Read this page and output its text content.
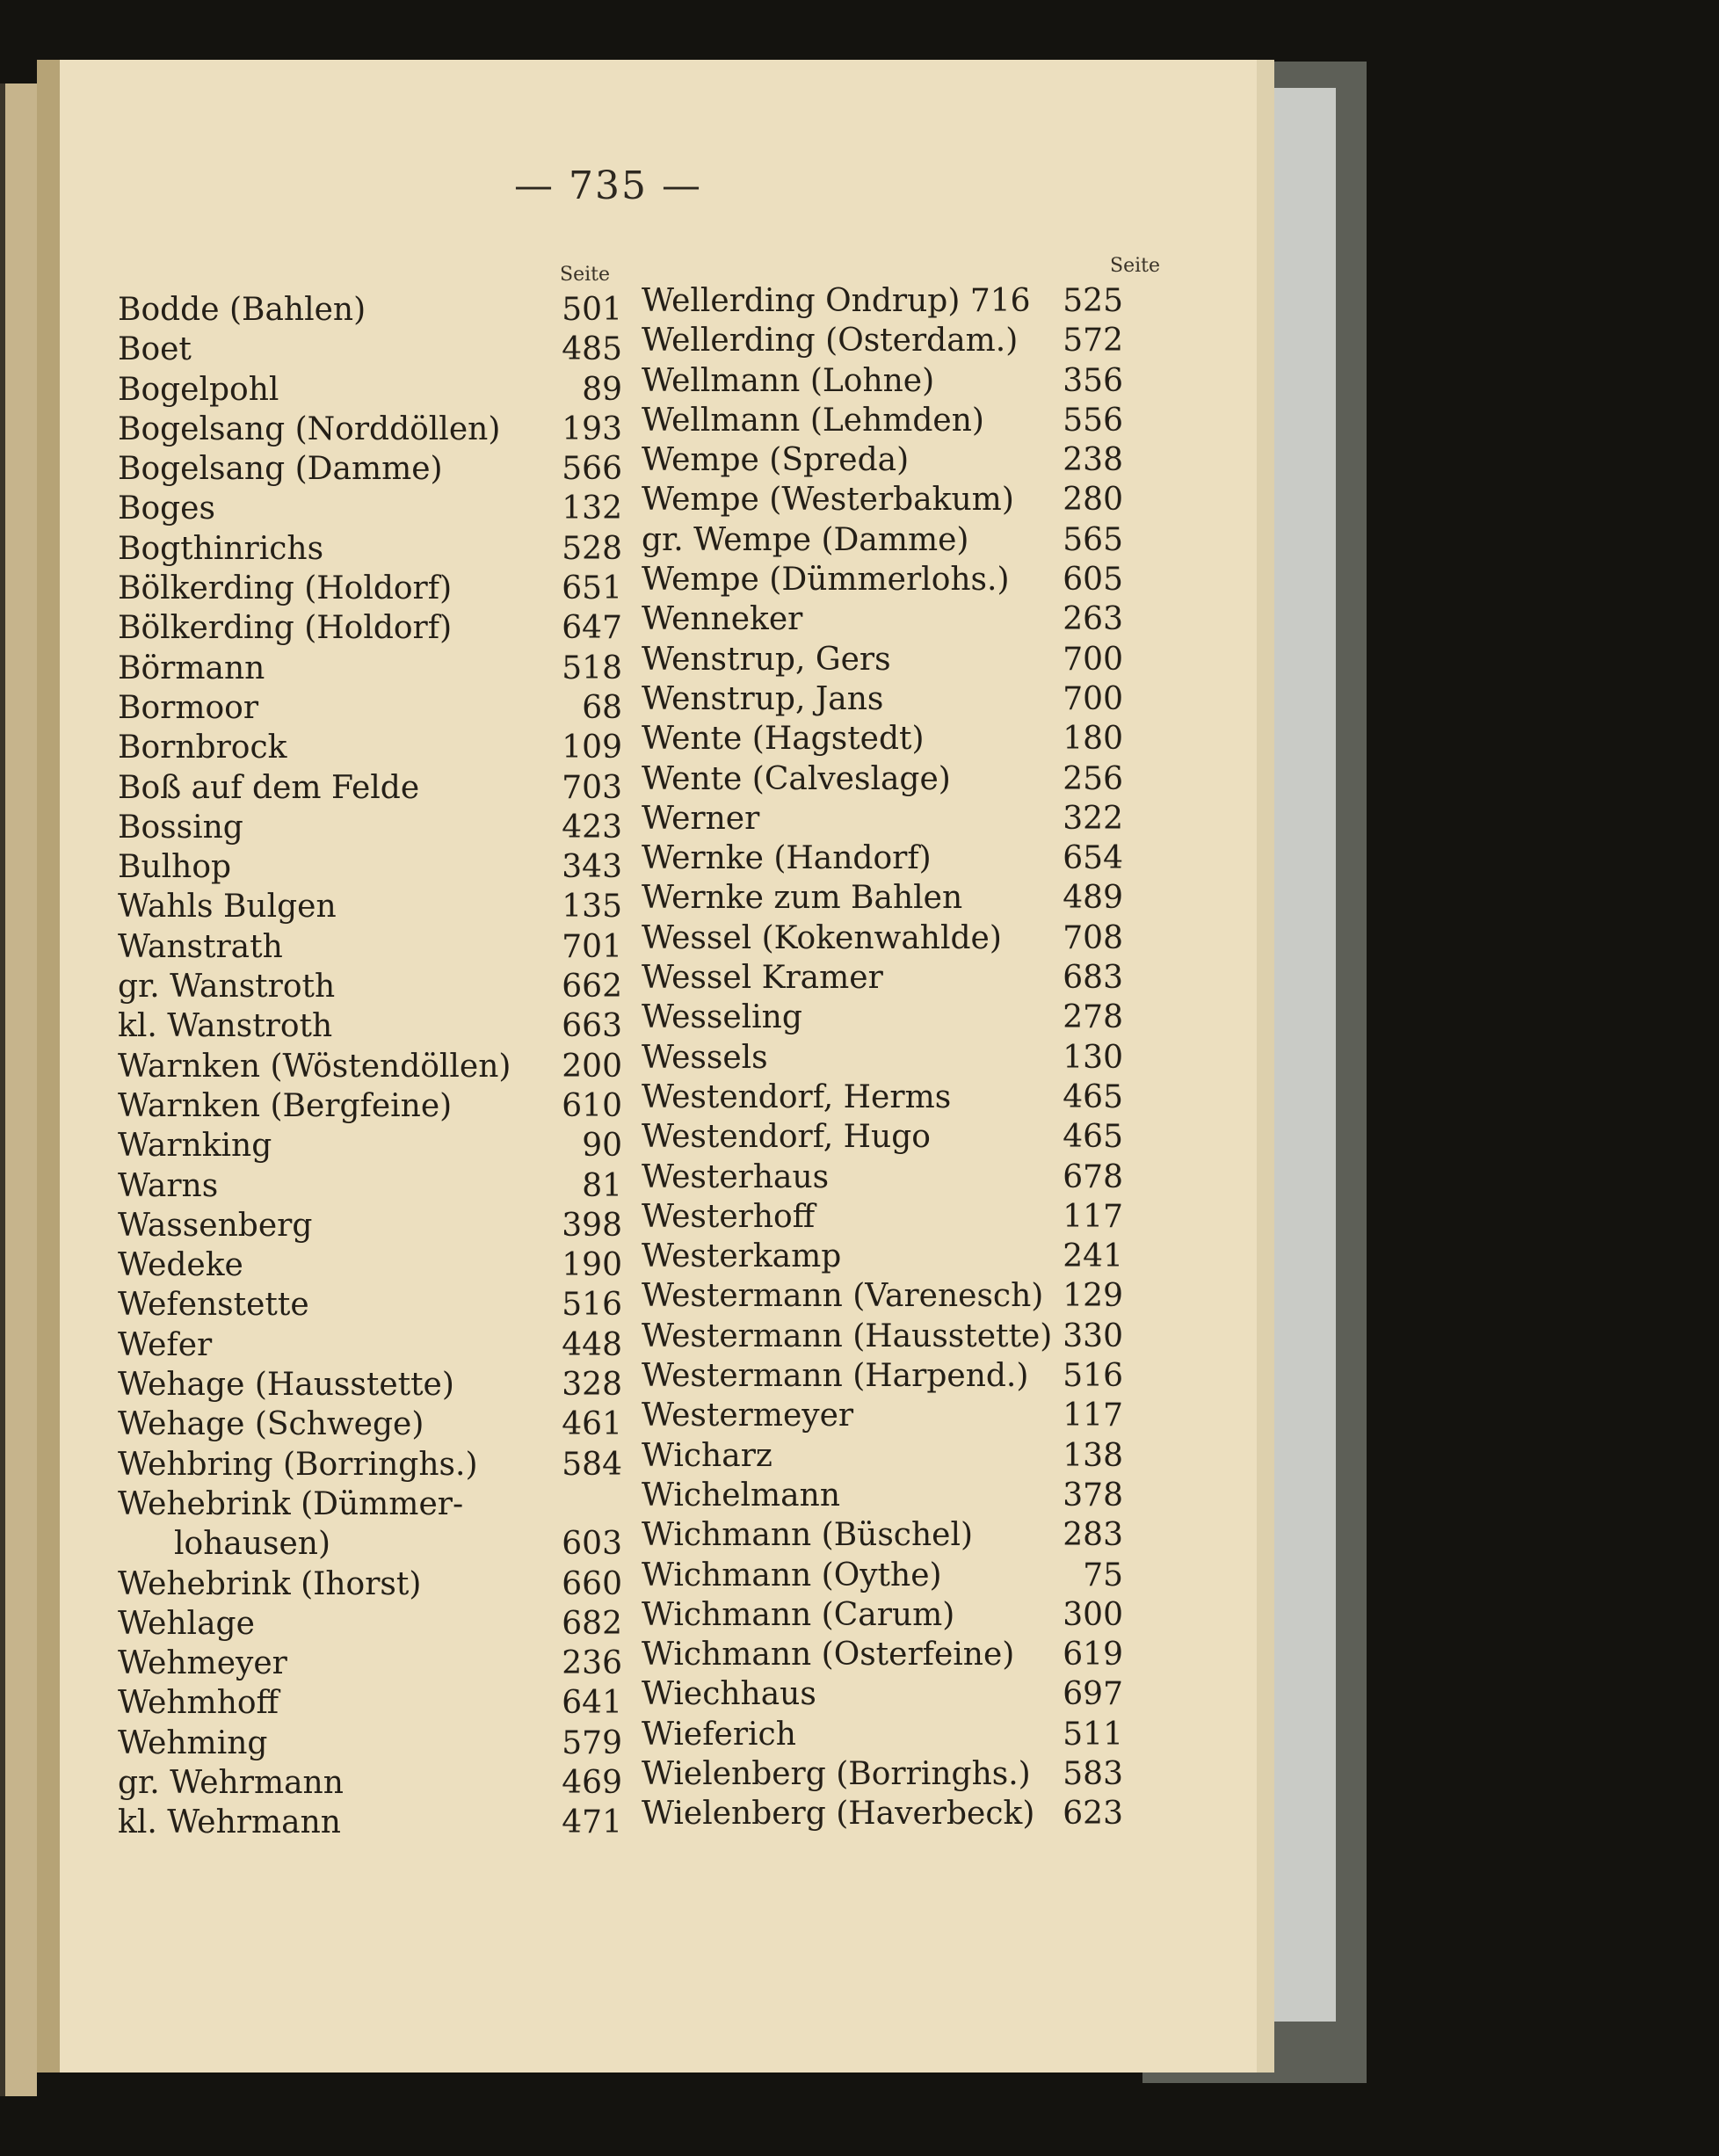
— 735 —
Seite
Bodde (Bahlen)	501
Boet	485
Bogelpohl	89
Bogelsang (Norddöllen) 193
Bogelsang (Damme)	566
Boges	132
Bogthinrichs	528
Bölkerding (Holdorf)	651
Bölkerding (Holdorf)	647
Börmann	518
Bormoor	68
Bornbrock	109
Boß auf dem Felde	703
Bossing	423
Bulhop	343
Wahls Bulgen	135
Wanstrath	701
gr. Wanstroth	662
kl. Wanstroth	663
Warnken (Wöstendöllen) 200
Warnken (Bergfeine)	610
Warnking	90
Warns	81
Wassenberg	398
Wedeke	190
Wefenstette	516
Wefer	448
Wehage (Hausstette)	328
Wehage (Schwege)	461
Wehbring (Borringhs.)	584
Wehebrink (Dümmer-
lohausen)	603
Wehebrink (Ihorst)	660
Wehlage	682
Wehmeyer	236
Wehmhoff	641
Wehming	579
gr. Wehrmann	469
kl. Wehrmann	471
Seite
Wellerding Ondrup) 716 525
Wellerding (Osterdam.) 572
Wellmann (Lohne)	356
Wellmann (Lehmden) 556
Wempe (Spreda)	238
Wempe (Westerbakum) 280
gr. Wempe (Damme)	565
Wempe (Dümmerlohs.) 605
Wenneker	263
Wenstrup, Gers	700
Wenstrup, Jans	700
Wente (Hagstedt)	180
Wente (Calveslage)	256
Werner	322
Wernke (Handorf)	654
Wernke zum Bahlen	489
Wessel (Kokenwahlde) 708
Wessel Kramer	683
Wesseling	278
Wessels	130
Westendorf, Herms	465
Westendorf, Hugo	465
Westerhaus	678
Westerhoff	117
Westerkamp	241
Westermann (Varenesch) 129
Westermann (Hausstette) 330
Westermann (Harpend.) 516
Westermeyer	117
Wicharz	138
Wichelmann	378
Wichmann (Büschel)	283
Wichmann (Oythe)	75
Wichmann (Carum)	300
Wichmann (Osterfeine) 619
Wiechhaus	697
Wieferich	511
Wielenberg (Borringhs.) 583
Wielenberg (Haverbeck) 623
